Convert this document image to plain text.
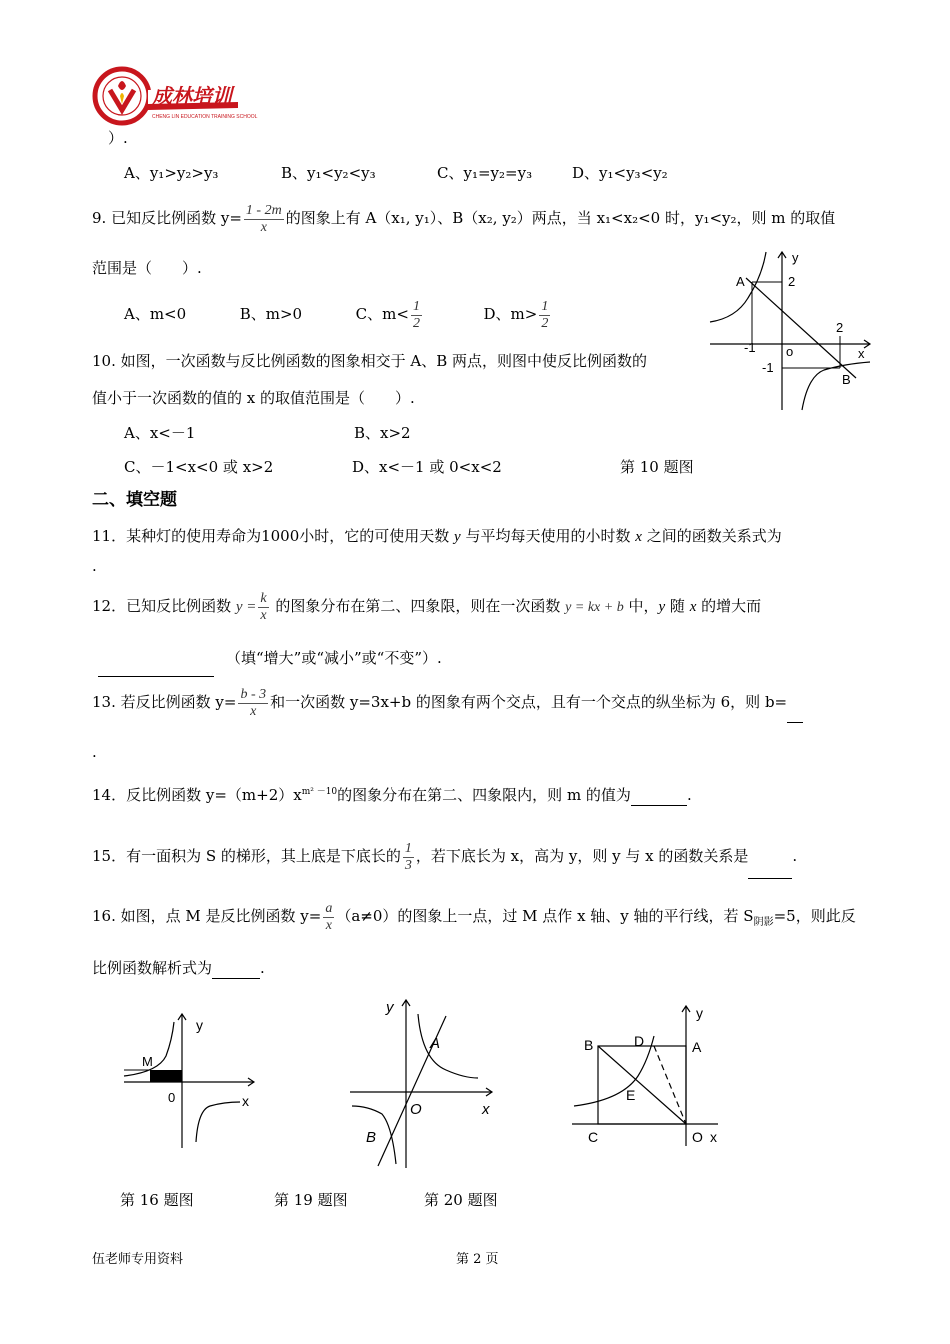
成林培训
CHENG LIN EDUCATION TRAINING SCHOOL
）.
A、y₁>y₂>y₃	B、y₁<y₂<y₃	C、y₁=y₂=y₃	D、y₁<y₃<y₂
9. 已知反比例函数 $y= \frac{1 - 2m}{x}$ 的图象上有 A（x₁, y₁）、B（x₂, y₂）两点，当 x₁<x₂<0 时，y₁<y₂，则 m 的取值
范围是（　　）.
A、m<0	B、m>0	C、$m< \frac{1}{2}$	D、$m> \frac{1}{2}$
A
B
2
2
-1
-1
o
y
x
10. 如图，一次函数与反比例函数的图象相交于 A、B 两点，则图中使反比例函数的
值小于一次函数的值的 x 的取值范围是（　　）.
A、x<－1	B、x>2
C、－1<x<0 或 x>2	D、x<－1 或 0<x<2	第 10 题图
二、填空题
11．某种灯的使用寿命为1000小时，它的可使用天数 y 与平均每天使用的小时数 x 之间的函数关系式为
.
12．已知反比例函数 $y = \frac{k}{x}$ 的图象分布在第二、四象限，则在一次函数 y = kx + b 中，y 随 x 的增大而
（填“增大”或“减小”或“不变”）.
13. 若反比例函数 $y= \frac{b - 3}{x}$ 和一次函数 y=3x+b 的图象有两个交点，且有一个交点的纵坐标为 6，则 b=
.
14．反比例函数 $y=(m+2)x^{m^2 -10}$的图象分布在第二、四象限内，则 m 的值为	.
15．有一面积为 S 的梯形，其上底是下底长的 $\frac{1}{3}$ ，若下底长为 x，高为 y，则 y 与 x 的函数关系是	.
16. 如图，点 M 是反比例函数 $y= \frac{a}{x} (a\ne 0)$的图象上一点，过 M 点作 x 轴、y 轴的平行线，若 $S_{阴影}=5$，则此反
比例函数解析式为	.
y
x
M
0
y
x
A
B
O
B	D	A
E
C	O x
y
第 16 题图	第 19 题图	第 20 题图
伍老师专用资料	第 2 页
